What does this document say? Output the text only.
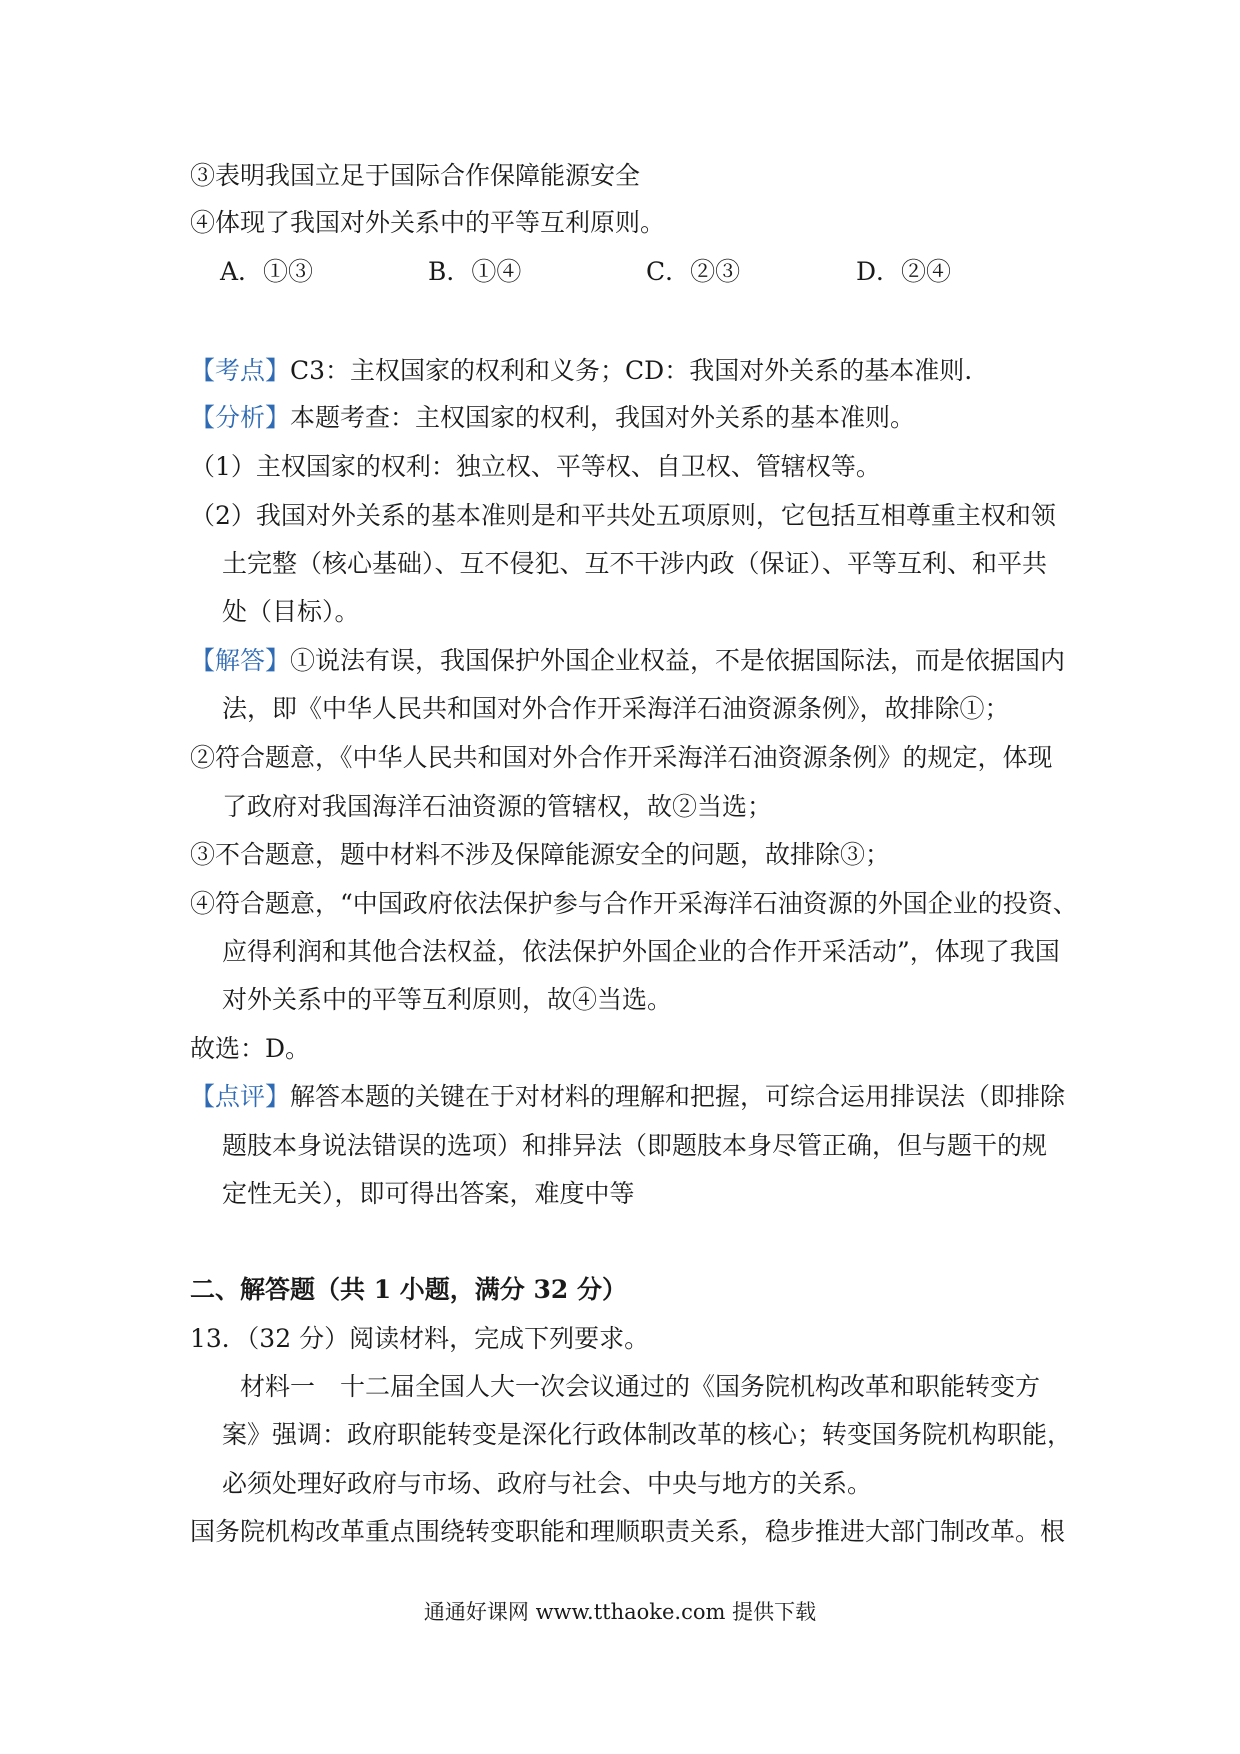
③表明我国立足于国际合作保障能源安全
④体现了我国对外关系中的平等互利原则。
A．①③	B．①④	C．②③	D．②④
【考点】C3：主权国家的权利和义务；CD：我国对外关系的基本准则.
【分析】本题考查：主权国家的权利，我国对外关系的基本准则。
（1）主权国家的权利：独立权、平等权、自卫权、管辖权等。
（2）我国对外关系的基本准则是和平共处五项原则，它包括互相尊重主权和领
土完整（核心基础）、互不侵犯、互不干涉内政（保证）、平等互利、和平共
处（目标）。
【解答】①说法有误，我国保护外国企业权益，不是依据国际法，而是依据国内
法，即《中华人民共和国对外合作开采海洋石油资源条例》，故排除①；
②符合题意，《中华人民共和国对外合作开采海洋石油资源条例》的规定，体现
了政府对我国海洋石油资源的管辖权，故②当选；
③不合题意，题中材料不涉及保障能源安全的问题，故排除③；
④符合题意，“中国政府依法保护参与合作开采海洋石油资源的外国企业的投资、
应得利润和其他合法权益，依法保护外国企业的合作开采活动”，体现了我国
对外关系中的平等互利原则，故④当选。
故选：D。
【点评】解答本题的关键在于对材料的理解和把握，可综合运用排误法（即排除
题肢本身说法错误的选项）和排异法（即题肢本身尽管正确，但与题干的规
定性无关），即可得出答案，难度中等
二、解答题（共 1 小题，满分 32 分）
13．（32 分）阅读材料，完成下列要求。
材料一　十二届全国人大一次会议通过的《国务院机构改革和职能转变方
案》强调：政府职能转变是深化行政体制改革的核心；转变国务院机构职能，
必须处理好政府与市场、政府与社会、中央与地方的关系。
国务院机构改革重点围绕转变职能和理顺职责关系，稳步推进大部门制改革。根
通通好课网 www.tthaoke.com 提供下载
